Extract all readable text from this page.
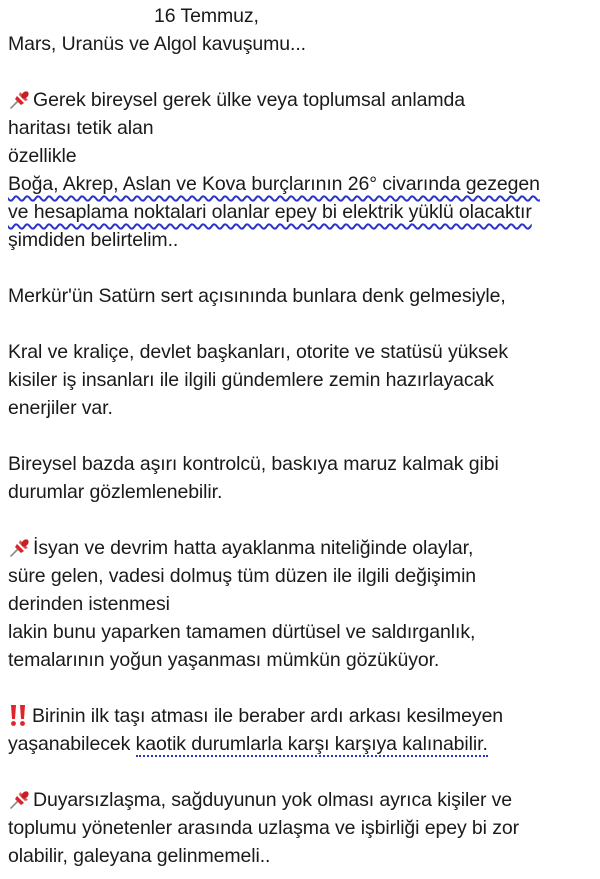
16 Temmuz,
Mars, Uranüs ve Algol kavuşumu...
Gerek bireysel gerek ülke veya toplumsal anlamda
haritası tetik alan
özellikle
Boğa, Akrep, Aslan ve Kova burçlarının 26° civarında gezegen
ve hesaplama noktalari olanlar epey bi elektrik yüklü olacaktır
şimdiden belirtelim..
Merkür'ün Satürn sert açısınında bunlara denk gelmesiyle,
Kral ve kraliçe, devlet başkanları, otorite ve statüsü yüksek
kisiler iş insanları ile ilgili gündemlere zemin hazırlayacak
enerjiler var.
Bireysel bazda aşırı kontrolcü, baskıya maruz kalmak gibi
durumlar gözlemlenebilir.
İsyan ve devrim hatta ayaklanma niteliğinde olaylar,
süre gelen, vadesi dolmuş tüm düzen ile ilgili değişimin
derinden istenmesi
lakin bunu yaparken tamamen dürtüsel ve saldırganlık,
temalarının yoğun yaşanması mümkün gözüküyor.
Birinin ilk taşı atması ile beraber ardı arkası kesilmeyen
yaşanabilecek kaotik durumlarla karşı karşıya kalınabilir.
Duyarsızlaşma, sağduyunun yok olması ayrıca kişiler ve
toplumu yönetenler arasında uzlaşma ve işbirliği epey bi zor
olabilir, galeyana gelinmemeli..
